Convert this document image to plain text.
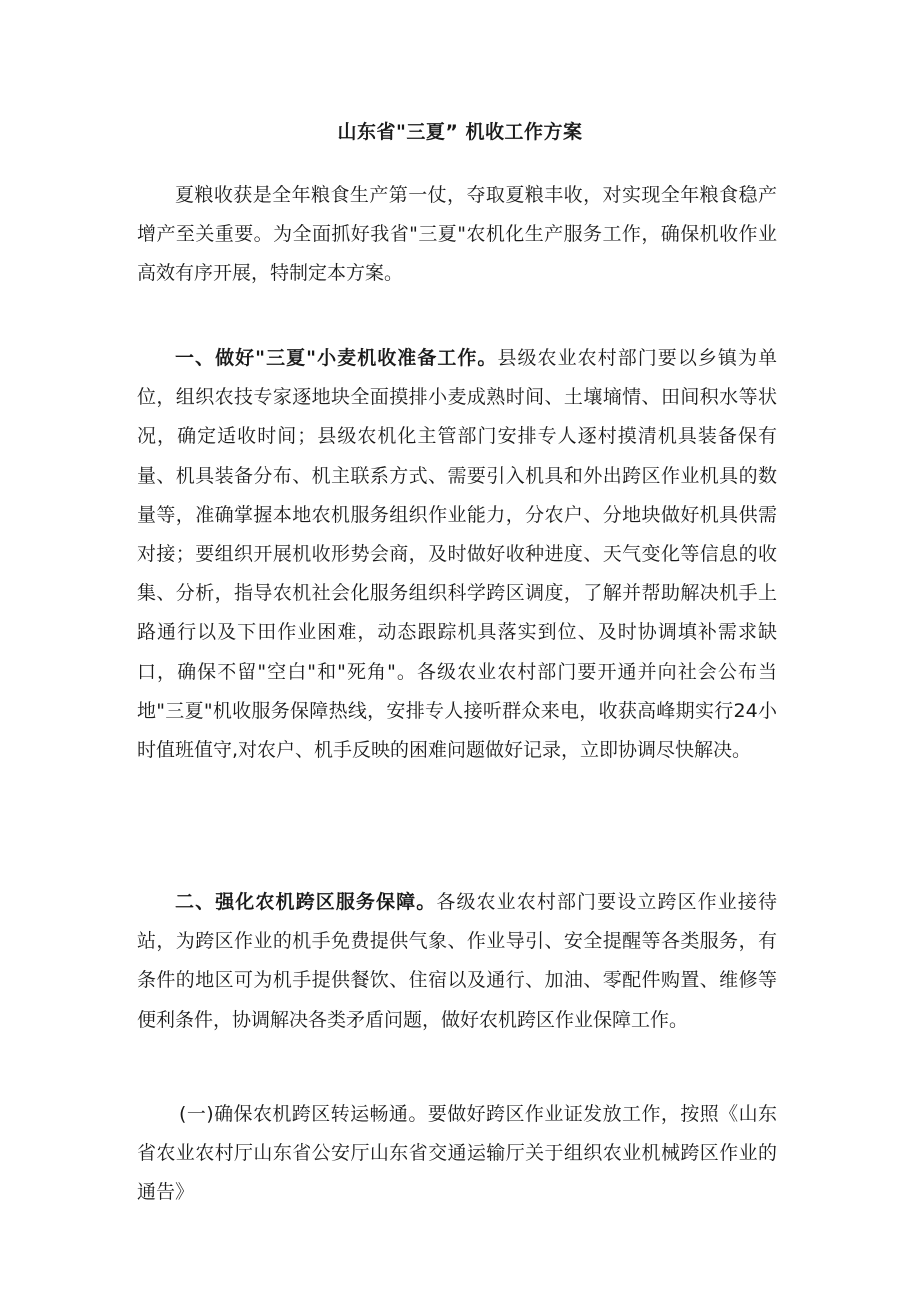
山东省"三夏” 机收工作方案

夏粮收获是全年粮食生产第一仗，夺取夏粮丰收，对实现全年粮食稳产增产至关重要。为全面抓好我省"三夏"农机化生产服务工作，确保机收作业高效有序开展，特制定本方案。

一、做好"三夏"小麦机收准备工作。县级农业农村部门要以乡镇为单位，组织农技专家逐地块全面摸排小麦成熟时间、土壤墒情、田间积水等状况，确定适收时间；县级农机化主管部门安排专人逐村摸清机具装备保有量、机具装备分布、机主联系方式、需要引入机具和外出跨区作业机具的数量等，准确掌握本地农机服务组织作业能力，分农户、分地块做好机具供需对接；要组织开展机收形势会商，及时做好收种进度、天气变化等信息的收集、分析，指导农机社会化服务组织科学跨区调度，了解并帮助解决机手上路通行以及下田作业困难，动态跟踪机具落实到位、及时协调填补需求缺口，确保不留"空白"和"死角"。各级农业农村部门要开通并向社会公布当地"三夏"机收服务保障热线，安排专人接听群众来电，收获高峰期实行24小时值班值守,对农户、机手反映的困难问题做好记录，立即协调尽快解决。

二、强化农机跨区服务保障。各级农业农村部门要设立跨区作业接待站，为跨区作业的机手免费提供气象、作业导引、安全提醒等各类服务，有条件的地区可为机手提供餐饮、住宿以及通行、加油、零配件购置、维修等便利条件，协调解决各类矛盾问题，做好农机跨区作业保障工作。

(一)确保农机跨区转运畅通。要做好跨区作业证发放工作，按照《山东省农业农村厅山东省公安厅山东省交通运输厅关于组织农业机械跨区作业的通告》
